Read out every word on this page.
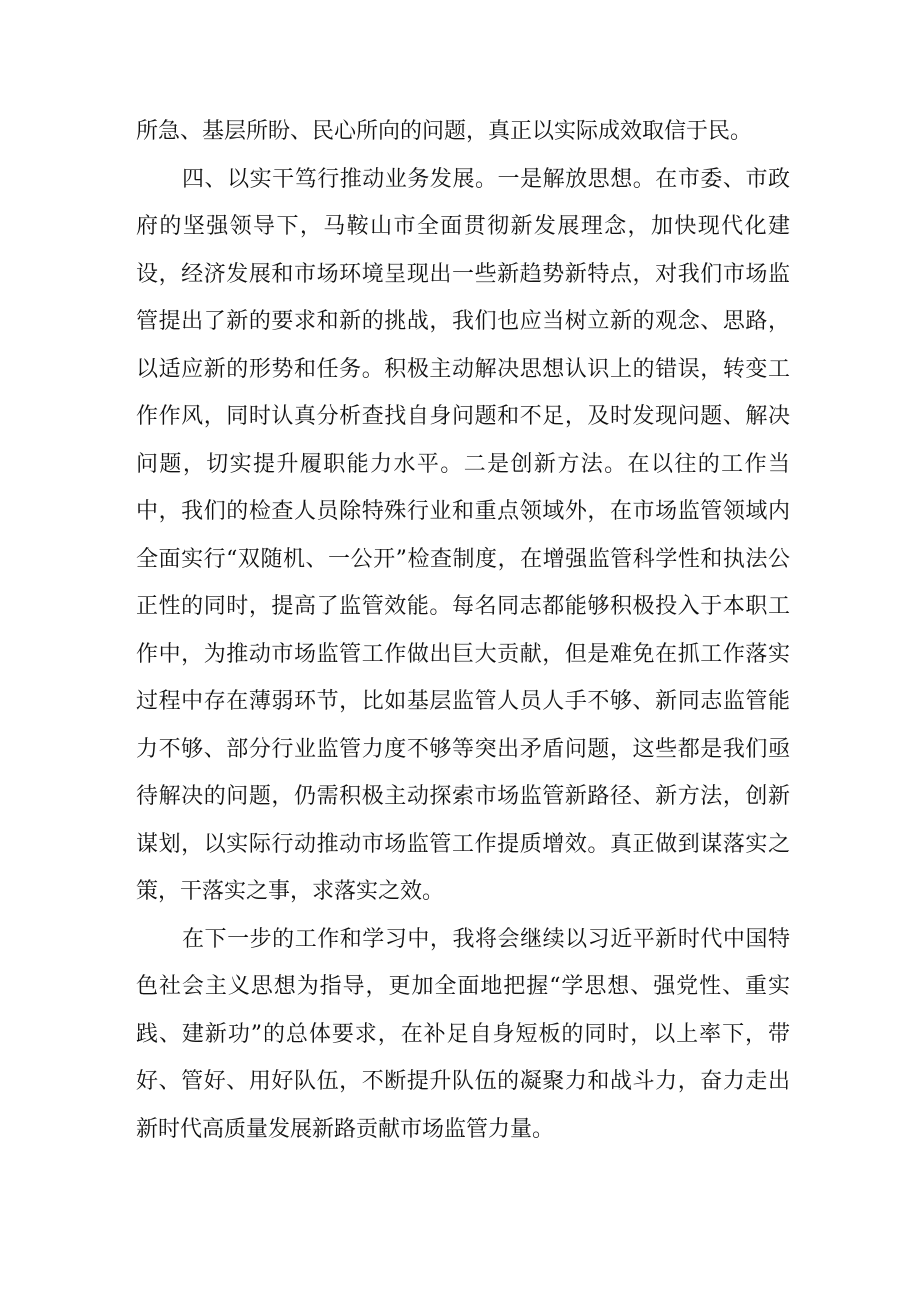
所急、基层所盼、民心所向的问题，真正以实际成效取信于民。

四、以实干笃行推动业务发展。一是解放思想。在市委、市政府的坚强领导下，马鞍山市全面贯彻新发展理念，加快现代化建设，经济发展和市场环境呈现出一些新趋势新特点，对我们市场监管提出了新的要求和新的挑战，我们也应当树立新的观念、思路，以适应新的形势和任务。积极主动解决思想认识上的错误，转变工作作风，同时认真分析查找自身问题和不足，及时发现问题、解决问题，切实提升履职能力水平。二是创新方法。在以往的工作当中，我们的检查人员除特殊行业和重点领域外，在市场监管领域内全面实行“双随机、一公开”检查制度，在增强监管科学性和执法公正性的同时，提高了监管效能。每名同志都能够积极投入于本职工作中，为推动市场监管工作做出巨大贡献，但是难免在抓工作落实过程中存在薄弱环节，比如基层监管人员人手不够、新同志监管能力不够、部分行业监管力度不够等突出矛盾问题，这些都是我们亟待解决的问题，仍需积极主动探索市场监管新路径、新方法，创新谋划，以实际行动推动市场监管工作提质增效。真正做到谋落实之策，干落实之事，求落实之效。

在下一步的工作和学习中，我将会继续以习近平新时代中国特色社会主义思想为指导，更加全面地把握“学思想、强党性、重实践、建新功”的总体要求，在补足自身短板的同时，以上率下，带好、管好、用好队伍，不断提升队伍的凝聚力和战斗力，奋力走出新时代高质量发展新路贡献市场监管力量。
